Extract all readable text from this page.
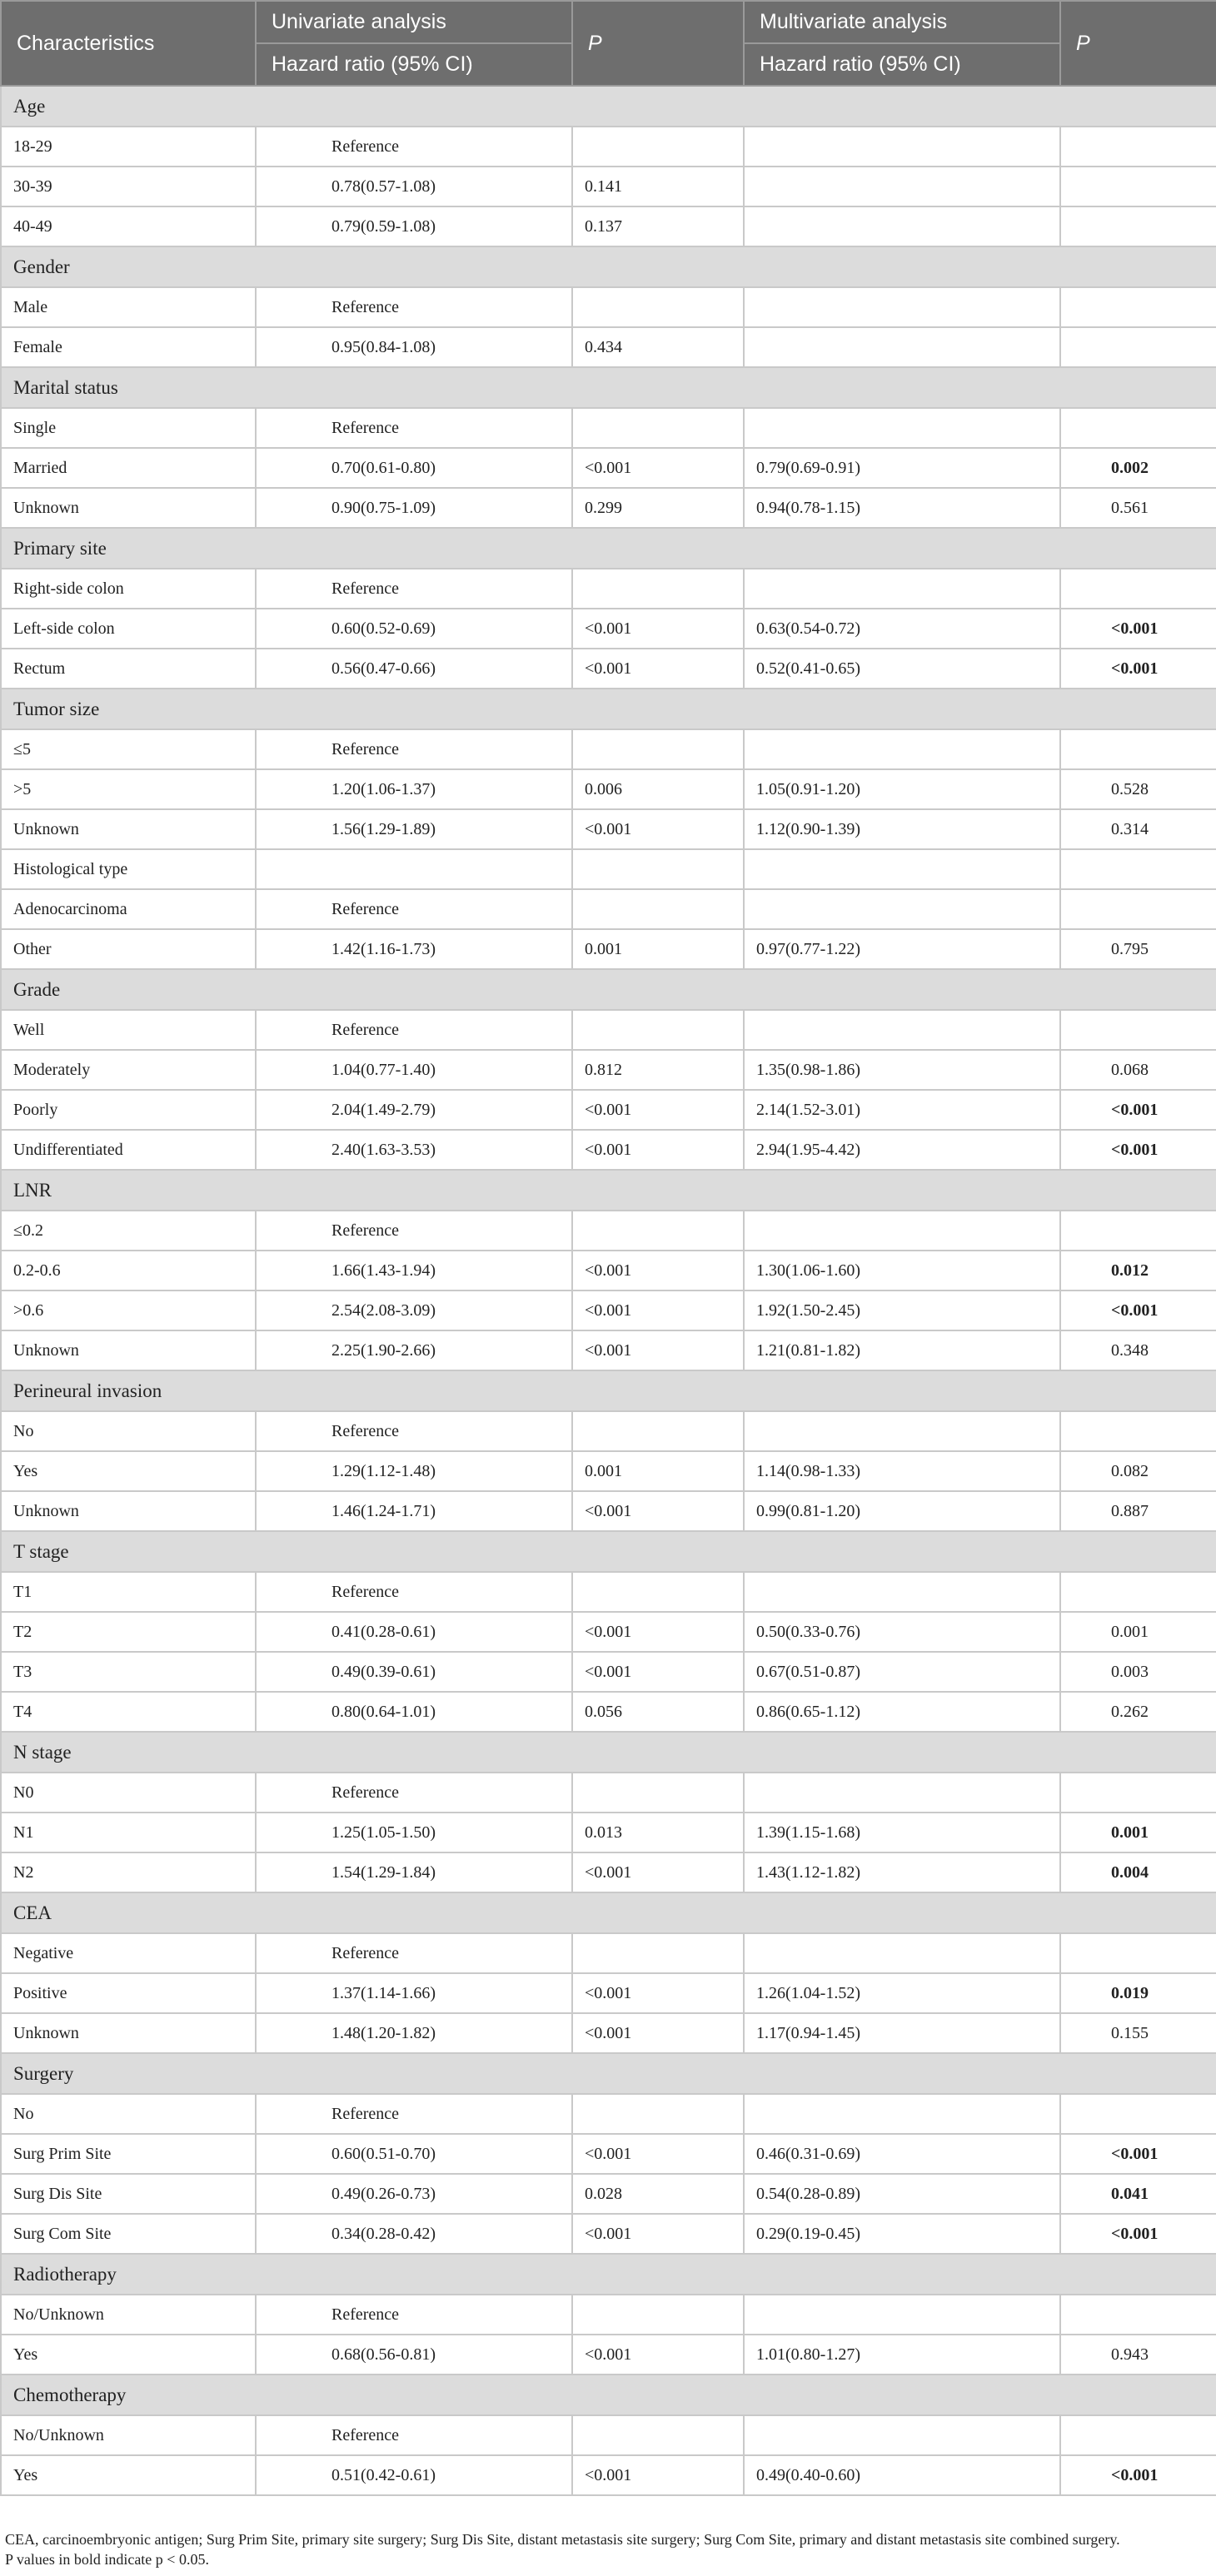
Characteristics	Univariate analysis	P	Multivariate analysis	P
	Hazard ratio (95% CI)		Hazard ratio (95% CI)	
Age				
18-29	Reference			
30-39	0.78(0.57-1.08)	0.141		
40-49	0.79(0.59-1.08)	0.137		
Gender				
Male	Reference			
Female	0.95(0.84-1.08)	0.434		
Marital status				
Single	Reference			
Married	0.70(0.61-0.80)	<0.001	0.79(0.69-0.91)	0.002
Unknown	0.90(0.75-1.09)	0.299	0.94(0.78-1.15)	0.561
Primary site				
Right-side colon	Reference			
Left-side colon	0.60(0.52-0.69)	<0.001	0.63(0.54-0.72)	<0.001
Rectum	0.56(0.47-0.66)	<0.001	0.52(0.41-0.65)	<0.001
Tumor size				
≤5	Reference			
>5	1.20(1.06-1.37)	0.006	1.05(0.91-1.20)	0.528
Unknown	1.56(1.29-1.89)	<0.001	1.12(0.90-1.39)	0.314
Histological type				
Adenocarcinoma	Reference			
Other	1.42(1.16-1.73)	0.001	0.97(0.77-1.22)	0.795
Grade				
Well	Reference			
Moderately	1.04(0.77-1.40)	0.812	1.35(0.98-1.86)	0.068
Poorly	2.04(1.49-2.79)	<0.001	2.14(1.52-3.01)	<0.001
Undifferentiated	2.40(1.63-3.53)	<0.001	2.94(1.95-4.42)	<0.001
LNR				
≤0.2	Reference			
0.2-0.6	1.66(1.43-1.94)	<0.001	1.30(1.06-1.60)	0.012
>0.6	2.54(2.08-3.09)	<0.001	1.92(1.50-2.45)	<0.001
Unknown	2.25(1.90-2.66)	<0.001	1.21(0.81-1.82)	0.348
Perineural invasion				
No	Reference			
Yes	1.29(1.12-1.48)	0.001	1.14(0.98-1.33)	0.082
Unknown	1.46(1.24-1.71)	<0.001	0.99(0.81-1.20)	0.887
T stage				
T1	Reference			
T2	0.41(0.28-0.61)	<0.001	0.50(0.33-0.76)	0.001
T3	0.49(0.39-0.61)	<0.001	0.67(0.51-0.87)	0.003
T4	0.80(0.64-1.01)	0.056	0.86(0.65-1.12)	0.262
N stage				
N0	Reference			
N1	1.25(1.05-1.50)	0.013	1.39(1.15-1.68)	0.001
N2	1.54(1.29-1.84)	<0.001	1.43(1.12-1.82)	0.004
CEA				
Negative	Reference			
Positive	1.37(1.14-1.66)	<0.001	1.26(1.04-1.52)	0.019
Unknown	1.48(1.20-1.82)	<0.001	1.17(0.94-1.45)	0.155
Surgery				
No	Reference			
Surg Prim Site	0.60(0.51-0.70)	<0.001	0.46(0.31-0.69)	<0.001
Surg Dis Site	0.49(0.26-0.73)	0.028	0.54(0.28-0.89)	0.041
Surg Com Site	0.34(0.28-0.42)	<0.001	0.29(0.19-0.45)	<0.001
Radiotherapy				
No/Unknown	Reference			
Yes	0.68(0.56-0.81)	<0.001	1.01(0.80-1.27)	0.943
Chemotherapy				
No/Unknown	Reference			
Yes	0.51(0.42-0.61)	<0.001	0.49(0.40-0.60)	<0.001
CEA, carcinoembryonic antigen; Surg Prim Site, primary site surgery; Surg Dis Site, distant metastasis site surgery; Surg Com Site, primary and distant metastasis site combined surgery.
P values in bold indicate p < 0.05.
